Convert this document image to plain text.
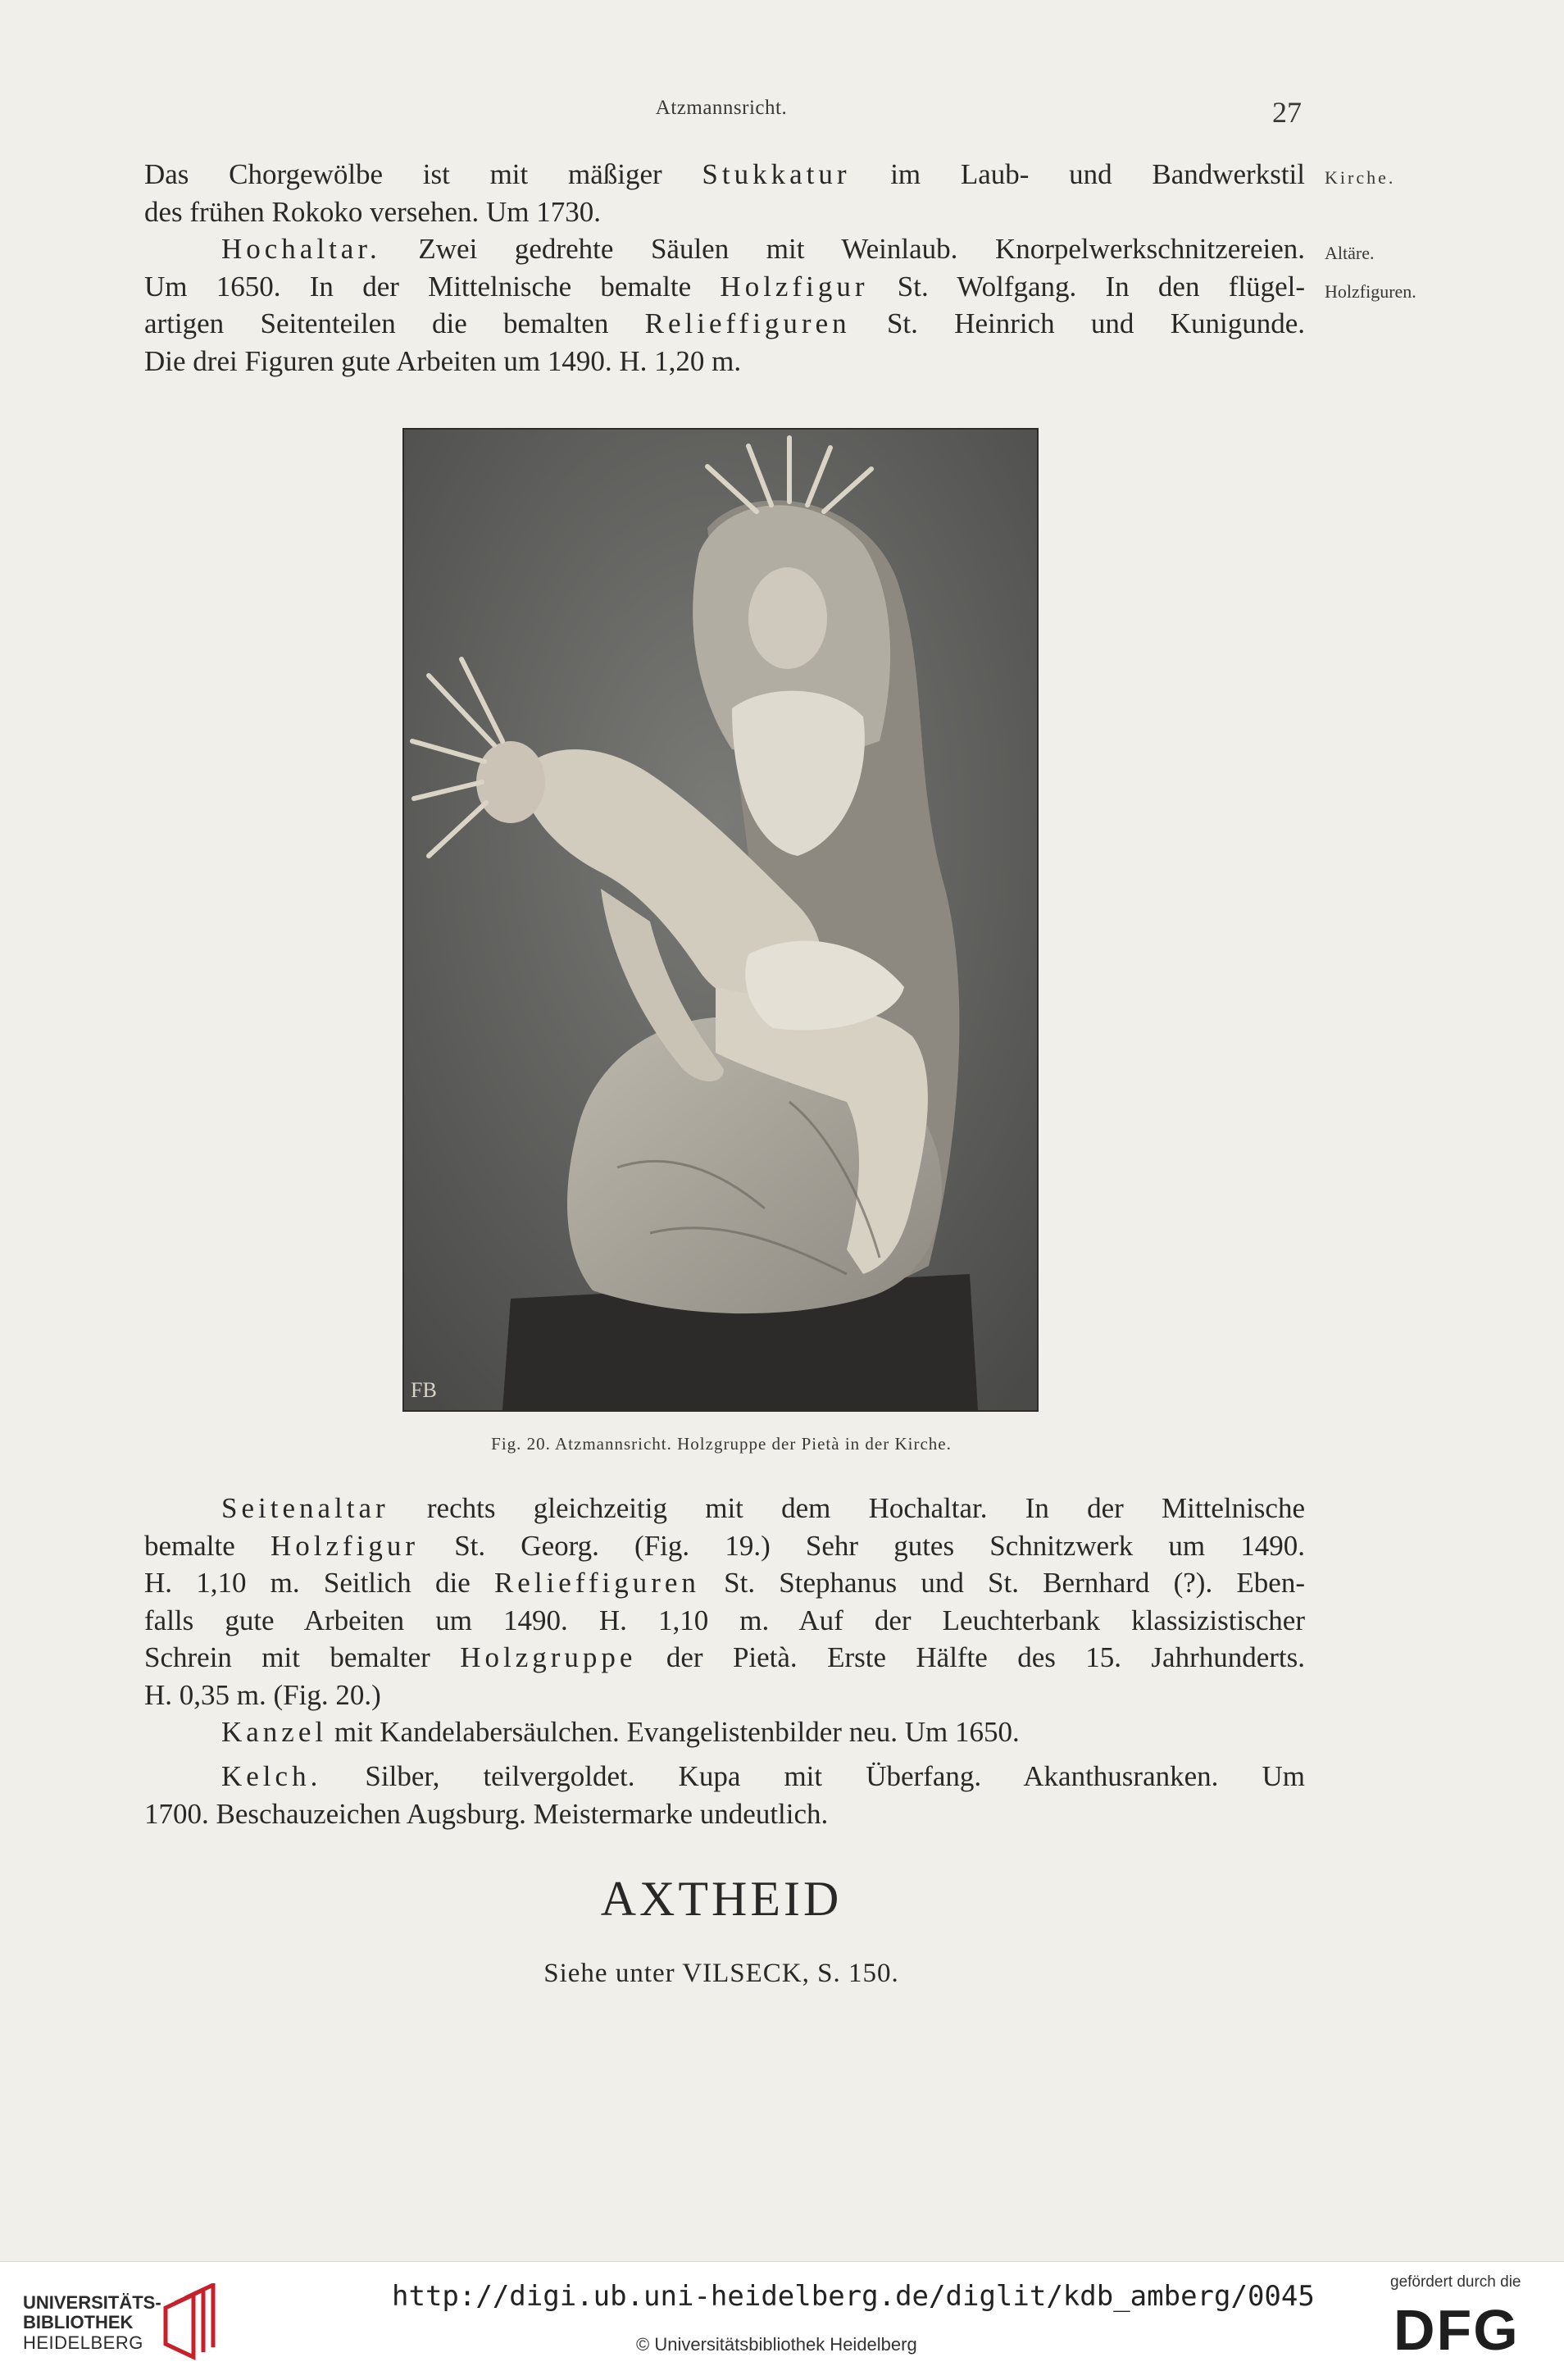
Atzmannsricht.	27
Das Chorgewölbe ist mit mäßiger Stukkatur im Laub- und Bandwerkstil
des frühen Rokoko versehen. Um 1730.
Hochaltar. Zwei gedrehte Säulen mit Weinlaub. Knorpelwerkschnitzereien.
Um 1650. In der Mittelnische bemalte Holzfigur St. Wolfgang. In den flügel-
artigen Seitenteilen die bemalten Relieffiguren St. Heinrich und Kunigunde.
Die drei Figuren gute Arbeiten um 1490. H. 1,20 m.
Kirche.
Altäre.
Holzfiguren.
FB
Fig. 20. Atzmannsricht. Holzgruppe der Pietà in der Kirche.
Seitenaltar rechts gleichzeitig mit dem Hochaltar. In der Mittelnische
bemalte Holzfigur St. Georg. (Fig. 19.) Sehr gutes Schnitzwerk um 1490.
H. 1,10 m. Seitlich die Relieffiguren St. Stephanus und St. Bernhard (?). Eben-
falls gute Arbeiten um 1490. H. 1,10 m. Auf der Leuchterbank klassizistischer
Schrein mit bemalter Holzgruppe der Pietà. Erste Hälfte des 15. Jahrhunderts.
H. 0,35 m. (Fig. 20.)
Kanzel mit Kandelabersäulchen. Evangelistenbilder neu. Um 1650.
Kelch. Silber, teilvergoldet. Kupa mit Überfang. Akanthusranken. Um
1700. Beschauzeichen Augsburg. Meistermarke undeutlich.
AXTHEID
Siehe unter VILSECK, S. 150.
UNIVERSITÄTS-
BIBLIOTHEK
HEIDELBERG
http://digi.ub.uni-heidelberg.de/diglit/kdb_amberg/0045
© Universitätsbibliothek Heidelberg
gefördert durch die
DFG
